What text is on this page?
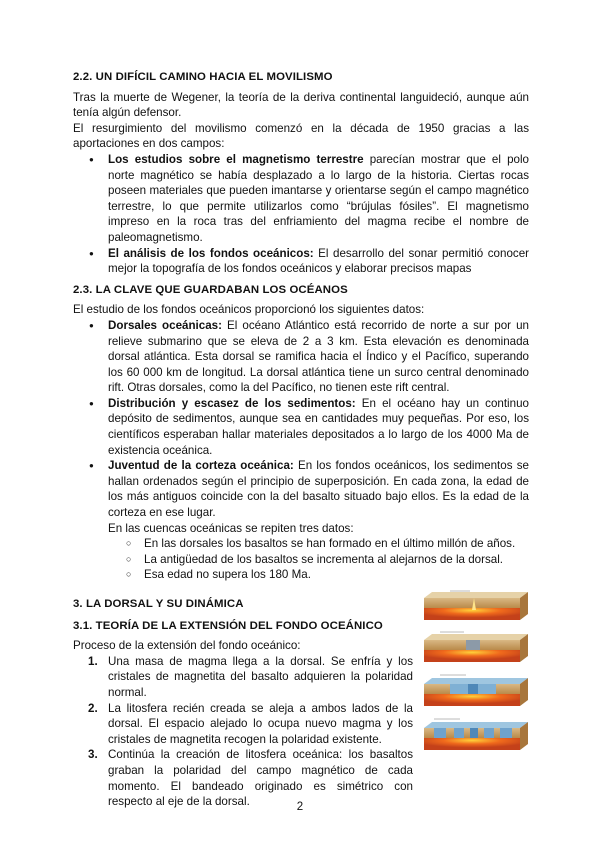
2.2. UN DIFÍCIL CAMINO HACIA EL MOVILISMO

Tras la muerte de Wegener, la teoría de la deriva continental languideció, aunque aún tenía algún defensor.

El resurgimiento del movilismo comenzó en la década de 1950 gracias a las aportaciones en dos campos:

● Los estudios sobre el magnetismo terrestre parecían mostrar que el polo norte magnético se había desplazado a lo largo de la historia. Ciertas rocas poseen materiales que pueden imantarse y orientarse según el campo magnético terrestre, lo que permite utilizarlos como “brújulas fósiles”. El magnetismo impreso en la roca tras del enfriamiento del magma recibe el nombre de paleomagnetismo.
● El análisis de los fondos oceánicos: El desarrollo del sonar permitió conocer mejor la topografía de los fondos oceánicos y elaborar precisos mapas
2.3. LA CLAVE QUE GUARDABAN LOS OCÉANOS

El estudio de los fondos oceánicos proporcionó los siguientes datos:

● Dorsales oceánicas: El océano Atlántico está recorrido de norte a sur por un relieve submarino que se eleva de 2 a 3 km. Esta elevación es denominada dorsal atlántica. Esta dorsal se ramifica hacia el Índico y el Pacífico, superando los 60 000 km de longitud. La dorsal atlántica tiene un surco central denominado rift. Otras dorsales, como la del Pacífico, no tienen este rift central.
● Distribución y escasez de los sedimentos: En el océano hay un continuo depósito de sedimentos, aunque sea en cantidades muy pequeñas. Por eso, los científicos esperaban hallar materiales depositados a lo largo de los 4000 Ma de existencia oceánica.
● Juventud de la corteza oceánica: En los fondos oceánicos, los sedimentos se hallan ordenados según el principio de superposición. En cada zona, la edad de los más antiguos coincide con la del basalto situado bajo ellos. Es la edad de la corteza en ese lugar.
En las cuencas oceánicas se repiten tres datos:
○ En las dorsales los basaltos se han formado en el último millón de años.
○ La antigüedad de los basaltos se incrementa al alejarnos de la dorsal.
○ Esa edad no supera los 180 Ma.
3. LA DORSAL Y SU DINÁMICA
3.1. TEORÍA DE LA EXTENSIÓN DEL FONDO OCEÁNICO

Proceso de la extensión del fondo oceánico:

1. Una masa de magma llega a la dorsal. Se enfría y los cristales de magnetita del basalto adquieren la polaridad normal.
2. La litosfera recién creada se aleja a ambos lados de la dorsal. El espacio alejado lo ocupa nuevo magma y los cristales de magnetita recogen la polaridad existente.
3. Continúa la creación de litosfera oceánica: los basaltos graban la polaridad del campo magnético de cada momento. El bandeado originado es simétrico con respecto al eje de la dorsal.	2
